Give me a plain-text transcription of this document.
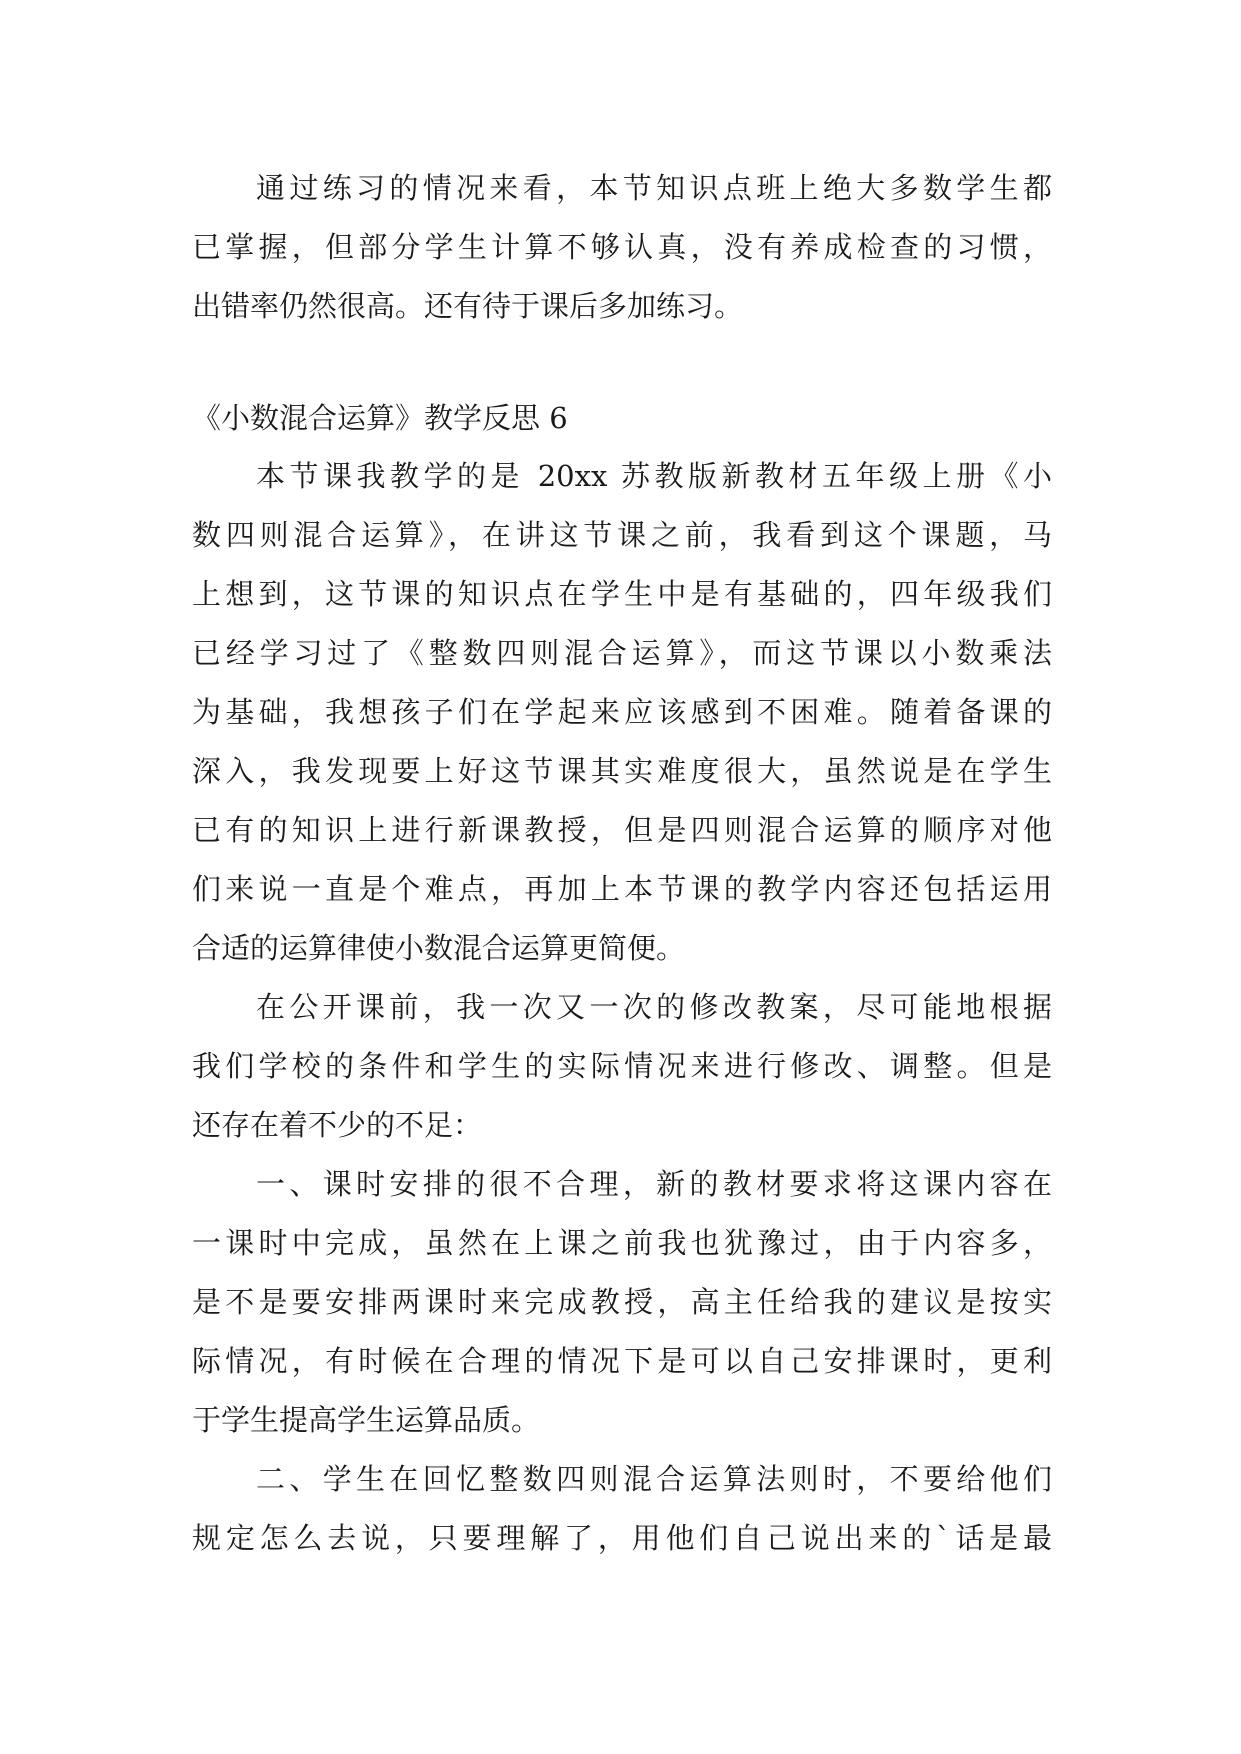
通过练习的情况来看，本节知识点班上绝大多数学生都
已掌握，但部分学生计算不够认真，没有养成检查的习惯，
出错率仍然很高。还有待于课后多加练习。
《小数混合运算》教学反思 6
本节课我教学的是 20xx 苏教版新教材五年级上册《小
数四则混合运算》，在讲这节课之前，我看到这个课题，马
上想到，这节课的知识点在学生中是有基础的，四年级我们
已经学习过了《整数四则混合运算》，而这节课以小数乘法
为基础，我想孩子们在学起来应该感到不困难。随着备课的
深入，我发现要上好这节课其实难度很大，虽然说是在学生
已有的知识上进行新课教授，但是四则混合运算的顺序对他
们来说一直是个难点，再加上本节课的教学内容还包括运用
合适的运算律使小数混合运算更简便。
在公开课前，我一次又一次的修改教案，尽可能地根据
我们学校的条件和学生的实际情况来进行修改、调整。但是
还存在着不少的不足：
一、课时安排的很不合理，新的教材要求将这课内容在
一课时中完成，虽然在上课之前我也犹豫过，由于内容多，
是不是要安排两课时来完成教授，高主任给我的建议是按实
际情况，有时候在合理的情况下是可以自己安排课时，更利
于学生提高学生运算品质。
二、学生在回忆整数四则混合运算法则时，不要给他们
规定怎么去说，只要理解了，用他们自己说出来的`话是最
